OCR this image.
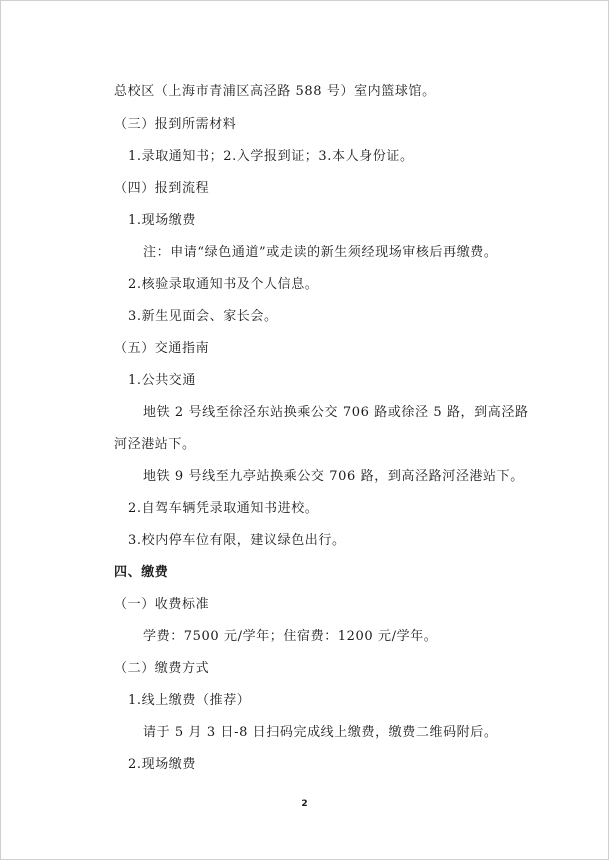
总校区（上海市青浦区高泾路 588 号）室内篮球馆。
（三）报到所需材料
1.录取通知书；2.入学报到证；3.本人身份证。
（四）报到流程
1.现场缴费
注：申请“绿色通道”或走读的新生须经现场审核后再缴费。
2.核验录取通知书及个人信息。
3.新生见面会、家长会。
（五）交通指南
1.公共交通
地铁 2 号线至徐泾东站换乘公交 706 路或徐泾 5 路，到高泾路
河泾港站下。
地铁 9 号线至九亭站换乘公交 706 路，到高泾路河泾港站下。
2.自驾车辆凭录取通知书进校。
3.校内停车位有限，建议绿色出行。
四、缴费
（一）收费标准
学费：7500 元/学年；住宿费：1200 元/学年。
（二）缴费方式
1.线上缴费（推荐）
请于 5 月 3 日-8 日扫码完成线上缴费，缴费二维码附后。
2.现场缴费
2
